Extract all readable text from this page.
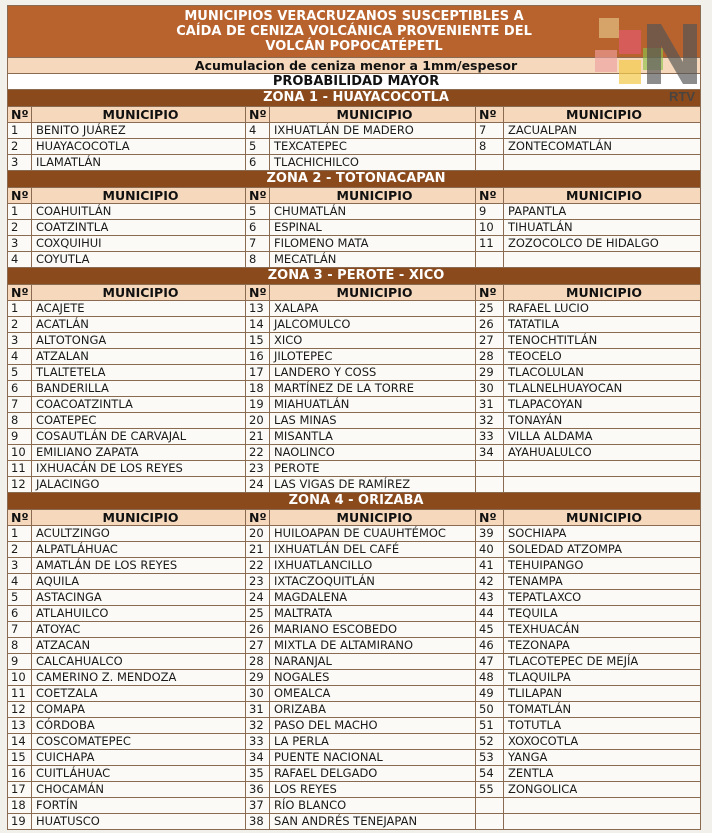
MUNICIPIOS VERACRUZANOS SUSCEPTIBLES A
CAÍDA DE CENIZA VOLCÁNICA PROVENIENTE DEL
VOLCÁN POPOCATÉPETL					

Acumulacion de ceniza menor a 1mm/espesor					
PROBABILIDAD MAYOR					
ZONA 1 - HUAYACOCOTLA					
Nº	MUNICIPIO	Nº	MUNICIPIO	Nº	MUNICIPIO
1	BENITO JUÁREZ	4	IXHUATLÁN DE MADERO	7	ZACUALPAN
2	HUAYACOCOTLA	5	TEXCATEPEC	8	ZONTECOMATLÁN
3	ILAMATLÁN	6	TLACHICHILCO		
ZONA 2 - TOTONACAPAN					
Nº	MUNICIPIO	Nº	MUNICIPIO	Nº	MUNICIPIO
1	COAHUITLÁN	5	CHUMATLÁN	9	PAPANTLA
2	COATZINTLA	6	ESPINAL	10	TIHUATLÁN
3	COXQUIHUI	7	FILOMENO MATA	11	ZOZOCOLCO DE HIDALGO
4	COYUTLA	8	MECATLÁN		
ZONA 3 - PEROTE - XICO					
Nº	MUNICIPIO	Nº	MUNICIPIO	Nº	MUNICIPIO
1	ACAJETE	13	XALAPA	25	RAFAEL LUCIO
2	ACATLÁN	14	JALCOMULCO	26	TATATILA
3	ALTOTONGA	15	XICO	27	TENOCHTITLÁN
4	ATZALAN	16	JILOTEPEC	28	TEOCELO
5	TLALTETELA	17	LANDERO Y COSS	29	TLACOLULAN
6	BANDERILLA	18	MARTÍNEZ DE LA TORRE	30	TLALNELHUAYOCAN
7	COACOATZINTLA	19	MIAHUATLÁN	31	TLAPACOYAN
8	COATEPEC	20	LAS MINAS	32	TONAYÁN
9	COSAUTLÁN DE CARVAJAL	21	MISANTLA	33	VILLA ALDAMA
10	EMILIANO ZAPATA	22	NAOLINCO	34	AYAHUALULCO
11	IXHUACÁN DE LOS REYES	23	PEROTE		
12	JALACINGO	24	LAS VIGAS DE RAMÍREZ		
ZONA 4 - ORIZABA					
Nº	MUNICIPIO	Nº	MUNICIPIO	Nº	MUNICIPIO
1	ACULTZINGO	20	HUILOAPAN DE CUAUHTÉMOC	39	SOCHIAPA
2	ALPATLÁHUAC	21	IXHUATLÁN DEL CAFÉ	40	SOLEDAD ATZOMPA
3	AMATLÁN DE LOS REYES	22	IXHUATLANCILLO	41	TEHUIPANGO
4	AQUILA	23	IXTACZOQUITLÁN	42	TENAMPA
5	ASTACINGA	24	MAGDALENA	43	TEPATLAXCO
6	ATLAHUILCO	25	MALTRATA	44	TEQUILA
7	ATOYAC	26	MARIANO ESCOBEDO	45	TEXHUACÁN
8	ATZACAN	27	MIXTLA DE ALTAMIRANO	46	TEZONAPA
9	CALCAHUALCO	28	NARANJAL	47	TLACOTEPEC DE MEJÍA
10	CAMERINO Z. MENDOZA	29	NOGALES	48	TLAQUILPA
11	COETZALA	30	OMEALCA	49	TLILAPAN
12	COMAPA	31	ORIZABA	50	TOMATLÁN
13	CÓRDOBA	32	PASO DEL MACHO	51	TOTUTLA
14	COSCOMATEPEC	33	LA PERLA	52	XOXOCOTLA
15	CUICHAPA	34	PUENTE NACIONAL	53	YANGA
16	CUITLÁHUAC	35	RAFAEL DELGADO	54	ZENTLA
17	CHOCAMÁN	36	LOS REYES	55	ZONGOLICA
18	FORTÍN	37	RÍO BLANCO		
19	HUATUSCO	38	SAN ANDRÉS TENEJAPAN		
RTV
